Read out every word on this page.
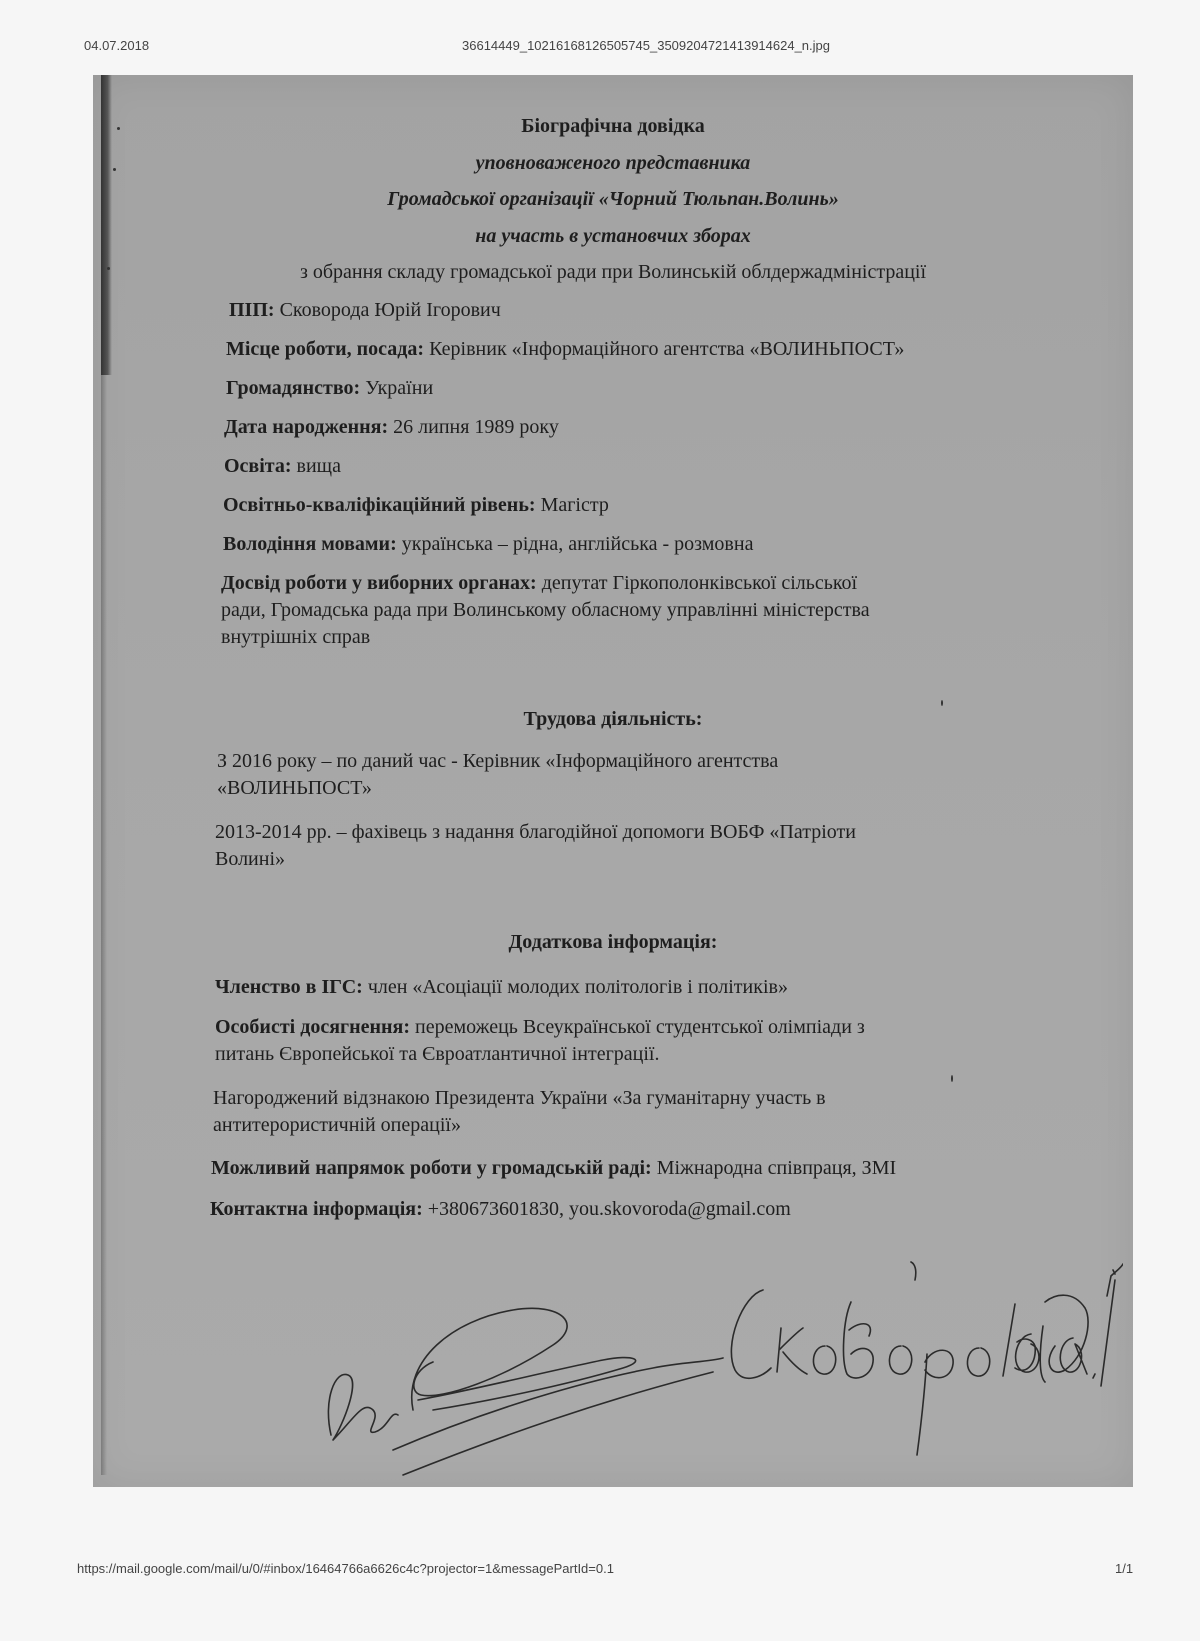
04.07.2018	36614449_10216168126505745_3509204721413914624_n.jpg
Біографічна довідка
уповноваженого представника
Громадської організації «Чорний Тюльпан.Волинь»
на участь в установчих зборах
з обрання складу громадської ради при Волинській облдержадміністрації
ПІП: Сковорода Юрій Ігорович
Місце роботи, посада: Керівник «Інформаційного агентства «ВОЛИНЬПОСТ»
Громадянство: України
Дата народження: 26 липня 1989 року
Освіта: вища
Освітньо-кваліфікаційний рівень: Магістр
Володіння мовами: українська – рідна, англійська - розмовна
Досвід роботи у виборних органах: депутат Гіркополонківської сільської
ради, Громадська рада при Волинському обласному управлінні міністерства
внутрішніх справ
Трудова діяльність:
З 2016 року – по даний час - Керівник «Інформаційного агентства
«ВОЛИНЬПОСТ»
2013-2014 рр. – фахівець з надання благодійної допомоги ВОБФ «Патріоти
Волині»
Додаткова інформація:
Членство в ІГС: член «Асоціації молодих політологів і політиків»
Особисті досягнення: переможець Всеукраїнської студентської олімпіади з
питань Європейської та Євроатлантичної інтеграції.
Нагороджений відзнакою Президента України «За гуманітарну участь в
антитерористичній операції»
Можливий напрямок роботи у громадській раді: Міжнародна співпраця, ЗМІ
Контактна інформація: +380673601830, you.skovoroda@gmail.com
https://mail.google.com/mail/u/0/#inbox/16464766a6626c4c?projector=1&messagePartId=0.1	1/1
